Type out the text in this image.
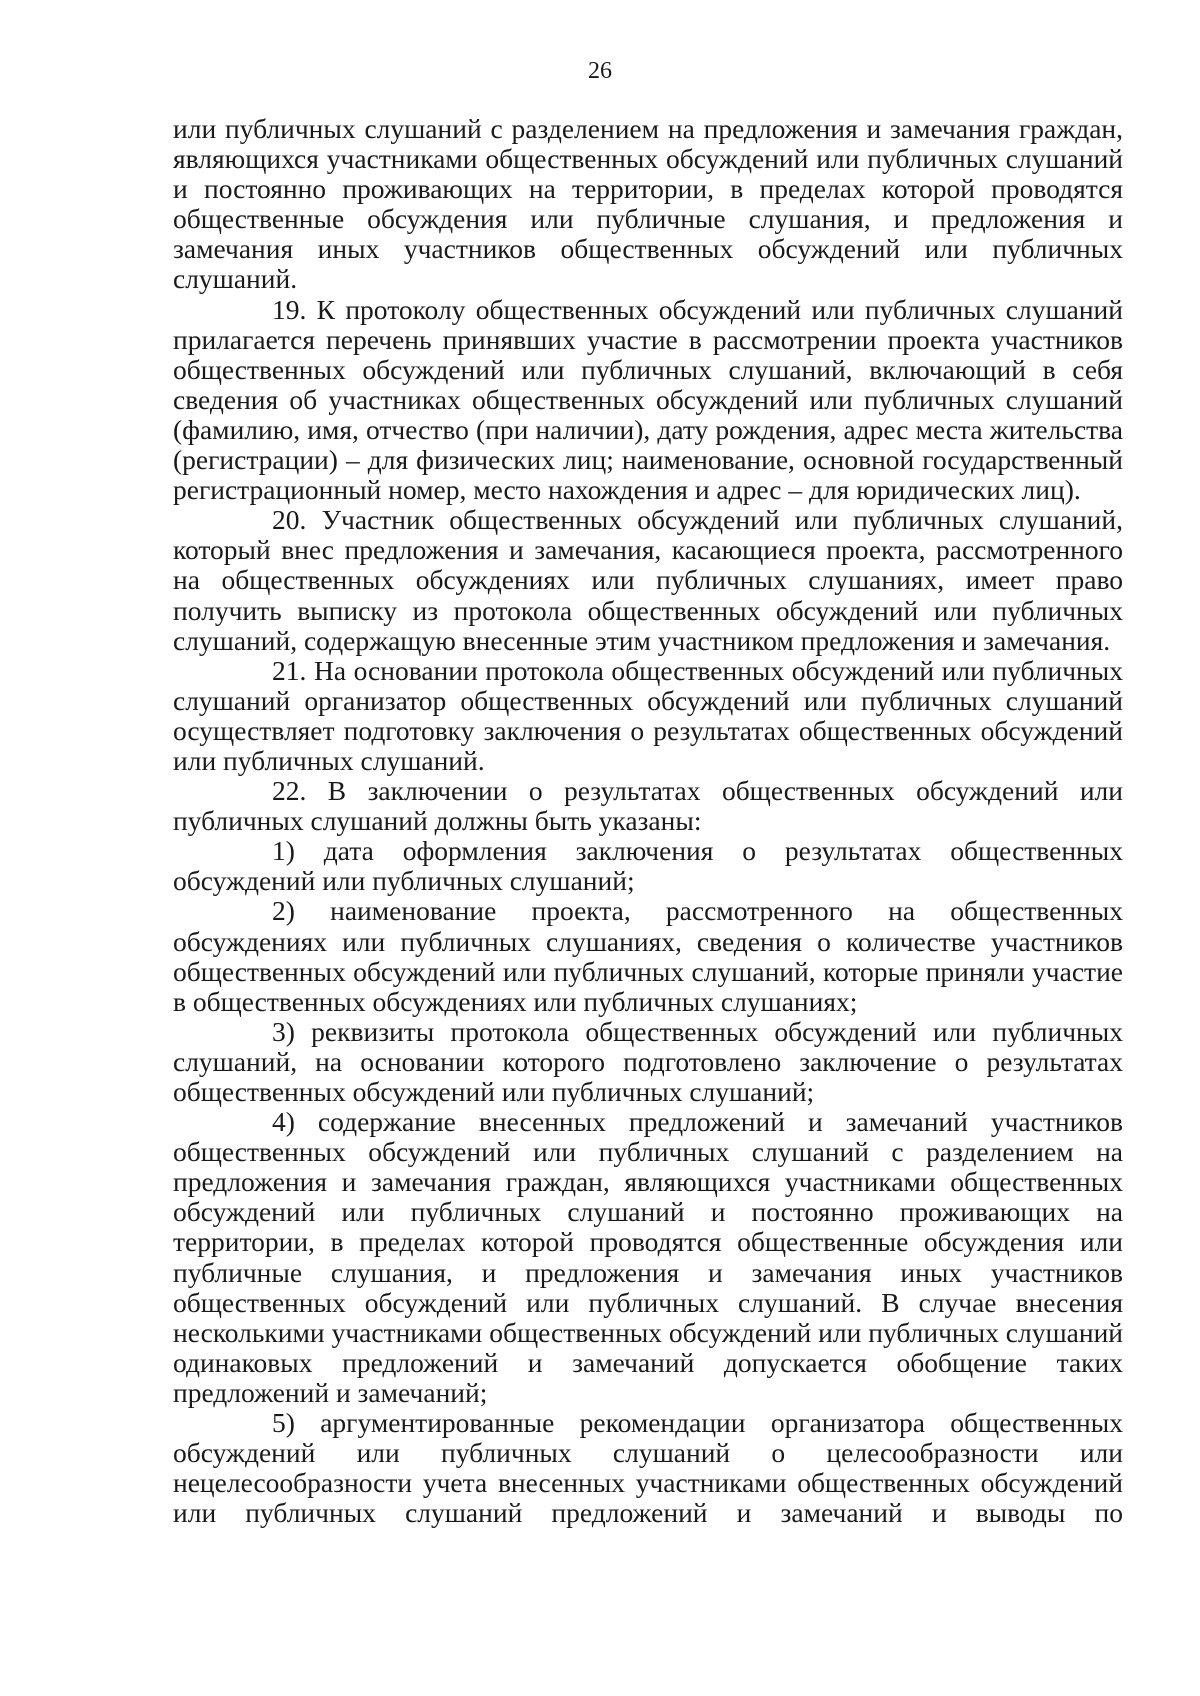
26

или публичных слушаний с разделением на предложения и замечания граждан, являющихся участниками общественных обсуждений или публичных слушаний и постоянно проживающих на территории, в пределах которой проводятся общественные обсуждения или публичные слушания, и предложения и замечания иных участников общественных обсуждений или публичных слушаний.

19. К протоколу общественных обсуждений или публичных слушаний прилагается перечень принявших участие в рассмотрении проекта участников общественных обсуждений или публичных слушаний, включающий в себя сведения об участниках общественных обсуждений или публичных слушаний (фамилию, имя, отчество (при наличии), дату рождения, адрес места жительства (регистрации) – для физических лиц; наименование, основной государственный регистрационный номер, место нахождения и адрес – для юридических лиц).

20. Участник общественных обсуждений или публичных слушаний, который внес предложения и замечания, касающиеся проекта, рассмотренного на общественных обсуждениях или публичных слушаниях, имеет право получить выписку из протокола общественных обсуждений или публичных слушаний, содержащую внесенные этим участником предложения и замечания.

21. На основании протокола общественных обсуждений или публичных слушаний организатор общественных обсуждений или публичных слушаний осуществляет подготовку заключения о результатах общественных обсуждений или публичных слушаний.

22. В заключении о результатах общественных обсуждений или публичных слушаний должны быть указаны:

1) дата оформления заключения о результатах общественных обсуждений или публичных слушаний;

2) наименование проекта, рассмотренного на общественных обсуждениях или публичных слушаниях, сведения о количестве участников общественных обсуждений или публичных слушаний, которые приняли участие в общественных обсуждениях или публичных слушаниях;

3) реквизиты протокола общественных обсуждений или публичных слушаний, на основании которого подготовлено заключение о результатах общественных обсуждений или публичных слушаний;

4) содержание внесенных предложений и замечаний участников общественных обсуждений или публичных слушаний с разделением на предложения и замечания граждан, являющихся участниками общественных обсуждений или публичных слушаний и постоянно проживающих на территории, в пределах которой проводятся общественные обсуждения или публичные слушания, и предложения и замечания иных участников общественных обсуждений или публичных слушаний. В случае внесения несколькими участниками общественных обсуждений или публичных слушаний одинаковых предложений и замечаний допускается обобщение таких предложений и замечаний;

5) аргументированные рекомендации организатора общественных обсуждений или публичных слушаний о целесообразности или нецелесообразности учета внесенных участниками общественных обсуждений или публичных слушаний предложений и замечаний и выводы по
